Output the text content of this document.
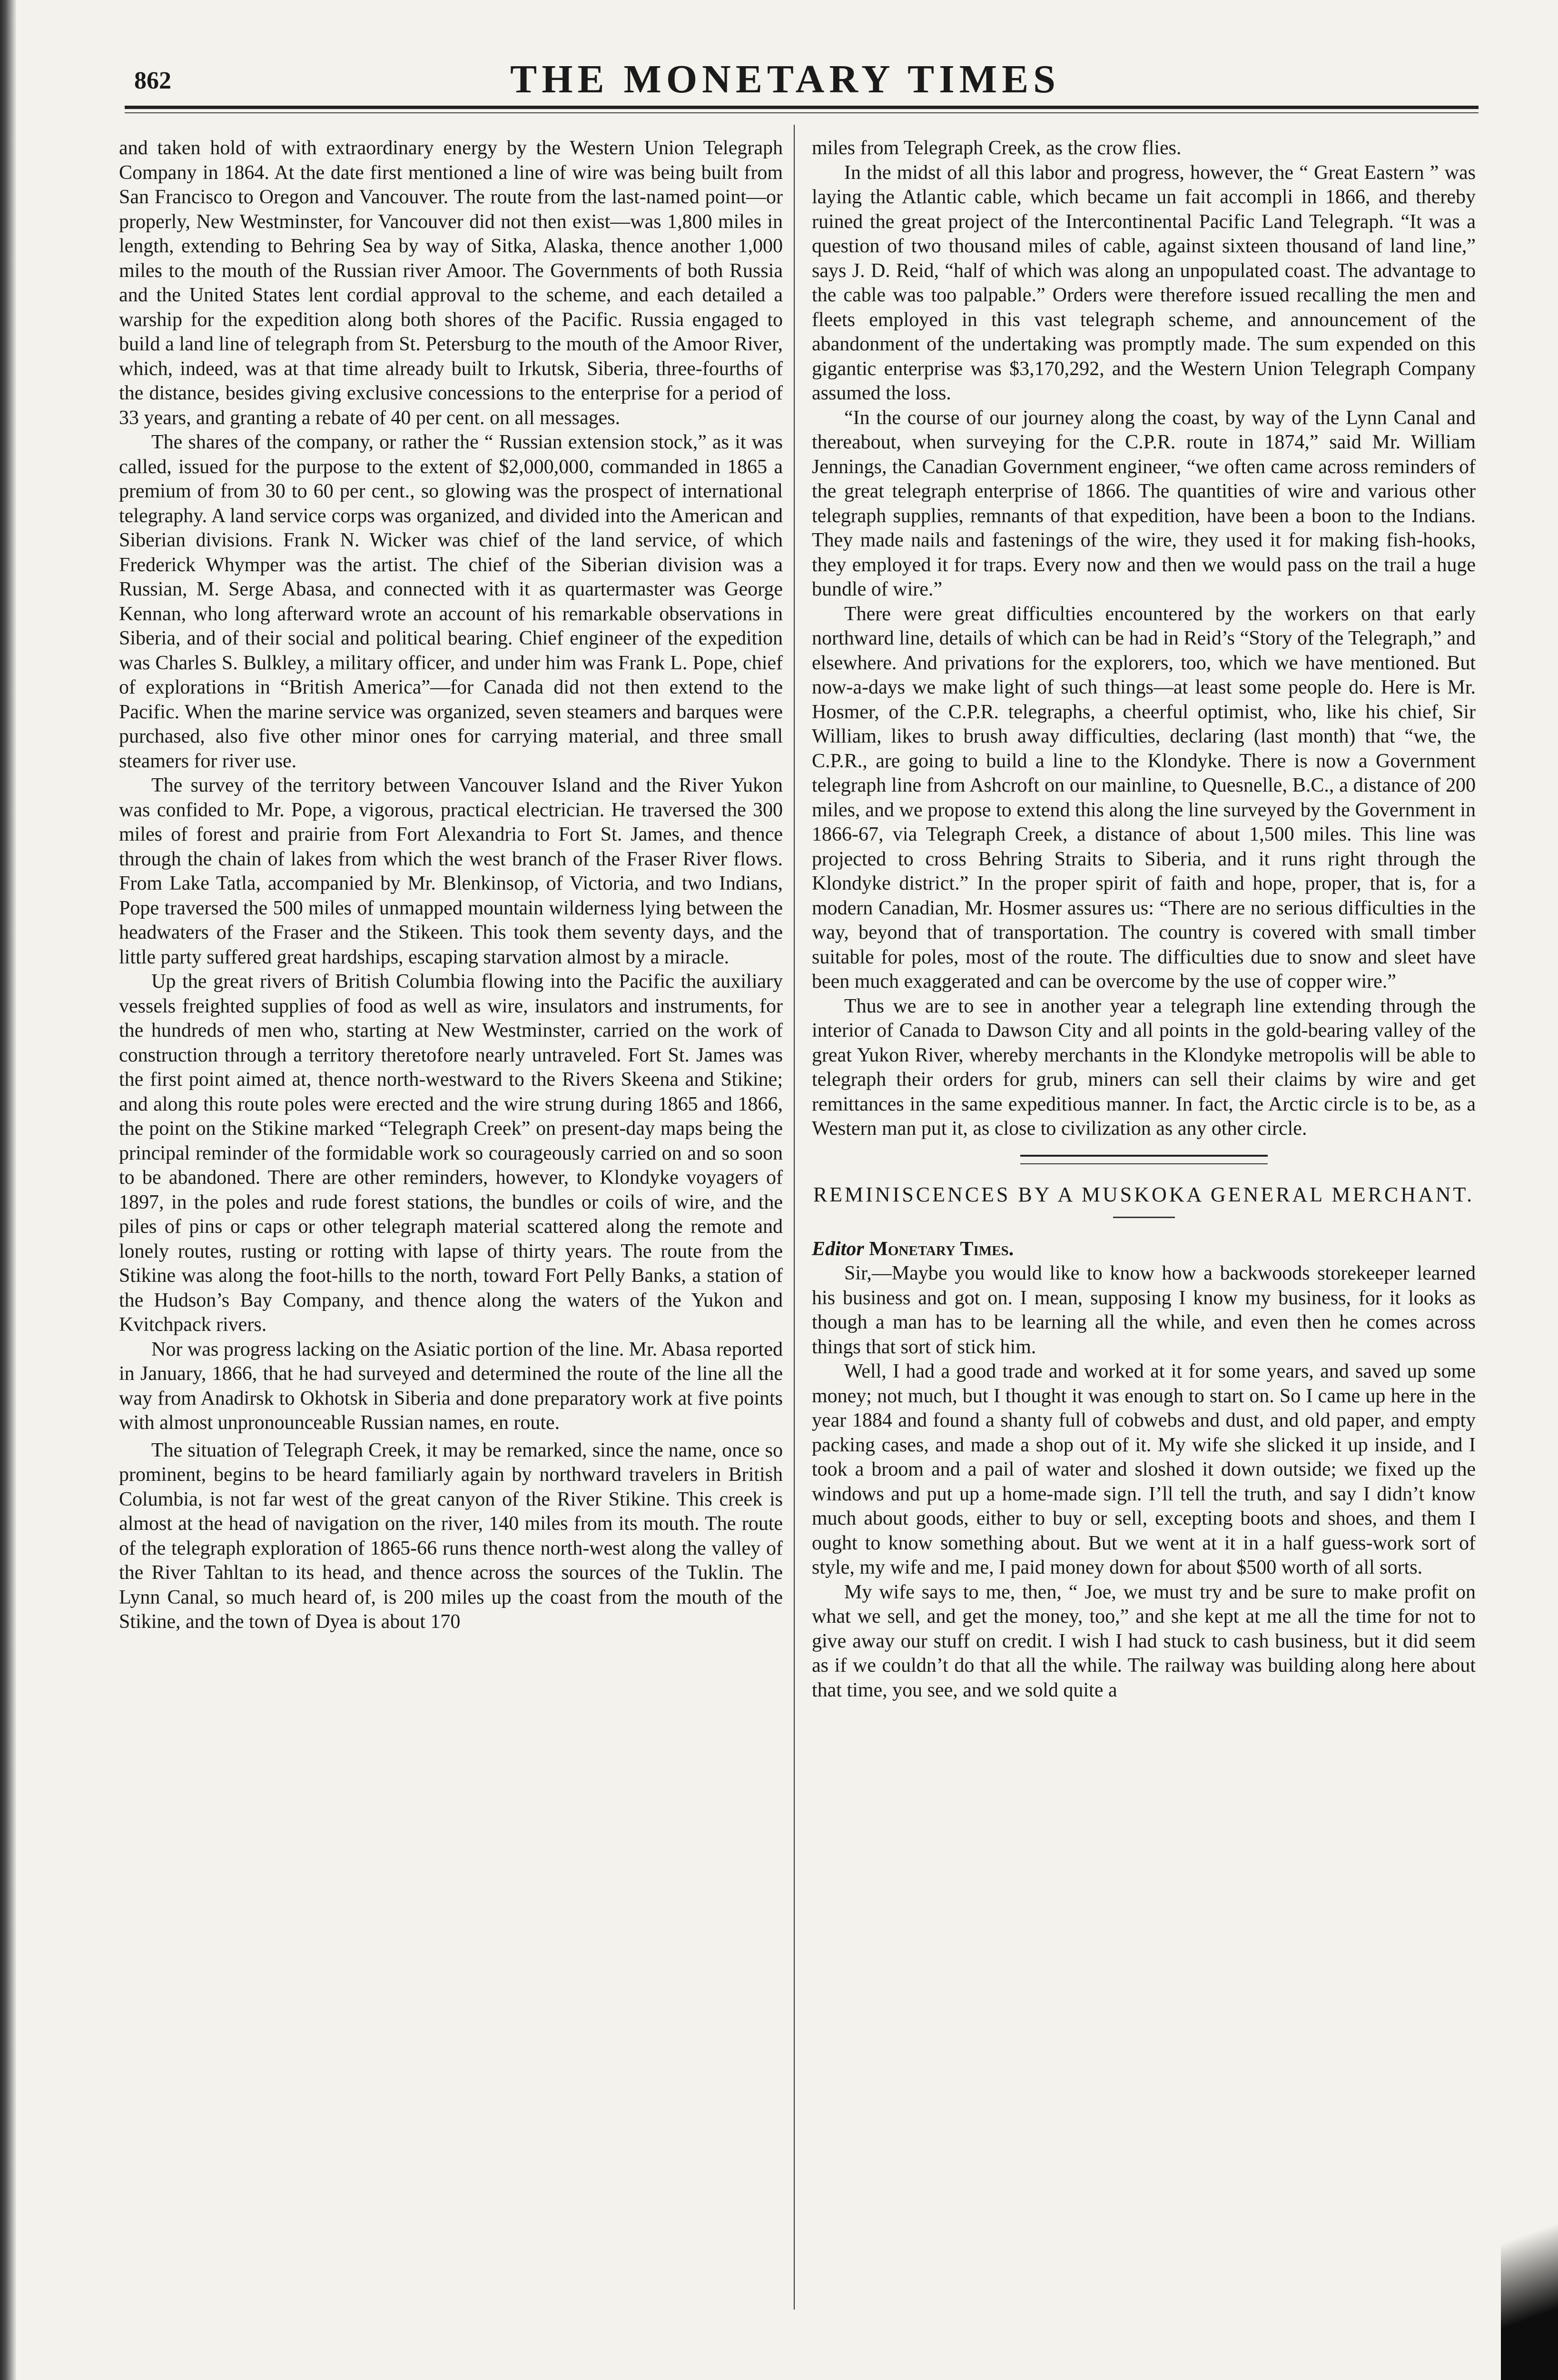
862	THE MONETARY TIMES

and taken hold of with extraordinary energy by the Western Union Telegraph Company in 1864. At the date first mentioned a line of wire was being built from San Francisco to Oregon and Vancouver. The route from the last-named point—or properly, New Westminster, for Vancouver did not then exist—was 1,800 miles in length, extending to Behring Sea by way of Sitka, Alaska, thence another 1,000 miles to the mouth of the Russian river Amoor. The Governments of both Russia and the United States lent cordial approval to the scheme, and each detailed a warship for the expedition along both shores of the Pacific. Russia engaged to build a land line of telegraph from St. Petersburg to the mouth of the Amoor River, which, indeed, was at that time already built to Irkutsk, Siberia, three-fourths of the distance, besides giving exclusive concessions to the enterprise for a period of 33 years, and granting a rebate of 40 per cent. on all messages.

The shares of the company, or rather the “ Russian extension stock,” as it was called, issued for the purpose to the extent of $2,000,000, commanded in 1865 a premium of from 30 to 60 per cent., so glowing was the prospect of international telegraphy. A land service corps was organized, and divided into the American and Siberian divisions. Frank N. Wicker was chief of the land service, of which Frederick Whymper was the artist. The chief of the Siberian division was a Russian, M. Serge Abasa, and connected with it as quartermaster was George Kennan, who long afterward wrote an account of his remarkable observations in Siberia, and of their social and political bearing. Chief engineer of the expedition was Charles S. Bulkley, a military officer, and under him was Frank L. Pope, chief of explorations in “British America”—for Canada did not then extend to the Pacific. When the marine service was organized, seven steamers and barques were purchased, also five other minor ones for carrying material, and three small steamers for river use.

The survey of the territory between Vancouver Island and the River Yukon was confided to Mr. Pope, a vigorous, practical electrician. He traversed the 300 miles of forest and prairie from Fort Alexandria to Fort St. James, and thence through the chain of lakes from which the west branch of the Fraser River flows. From Lake Tatla, accompanied by Mr. Blenkinsop, of Victoria, and two Indians, Pope traversed the 500 miles of unmapped mountain wilderness lying between the headwaters of the Fraser and the Stikeen. This took them seventy days, and the little party suffered great hardships, escaping starvation almost by a miracle.

Up the great rivers of British Columbia flowing into the Pacific the auxiliary vessels freighted supplies of food as well as wire, insulators and instruments, for the hundreds of men who, starting at New Westminster, carried on the work of construction through a territory theretofore nearly untraveled. Fort St. James was the first point aimed at, thence north-westward to the Rivers Skeena and Stikine; and along this route poles were erected and the wire strung during 1865 and 1866, the point on the Stikine marked “Telegraph Creek” on present-day maps being the principal reminder of the formidable work so courageously carried on and so soon to be abandoned. There are other reminders, however, to Klondyke voyagers of 1897, in the poles and rude forest stations, the bundles or coils of wire, and the piles of pins or caps or other telegraph material scattered along the remote and lonely routes, rusting or rotting with lapse of thirty years. The route from the Stikine was along the foot-hills to the north, toward Fort Pelly Banks, a station of the Hudson’s Bay Company, and thence along the waters of the Yukon and Kvitchpack rivers.

Nor was progress lacking on the Asiatic portion of the line. Mr. Abasa reported in January, 1866, that he had surveyed and determined the route of the line all the way from Anadirsk to Okhotsk in Siberia and done preparatory work at five points with almost unpronounceable Russian names, en route.

The situation of Telegraph Creek, it may be remarked, since the name, once so prominent, begins to be heard familiarly again by northward travelers in British Columbia, is not far west of the great canyon of the River Stikine. This creek is almost at the head of navigation on the river, 140 miles from its mouth. The route of the telegraph exploration of 1865-66 runs thence north-west along the valley of the River Tahltan to its head, and thence across the sources of the Tuklin. The Lynn Canal, so much heard of, is 200 miles up the coast from the mouth of the Stikine, and the town of Dyea is about 170

miles from Telegraph Creek, as the crow flies.

In the midst of all this labor and progress, however, the “ Great Eastern ” was laying the Atlantic cable, which became un fait accompli in 1866, and thereby ruined the great project of the Intercontinental Pacific Land Telegraph. “It was a question of two thousand miles of cable, against sixteen thousand of land line,” says J. D. Reid, “half of which was along an unpopulated coast. The advantage to the cable was too palpable.” Orders were therefore issued recalling the men and fleets employed in this vast telegraph scheme, and announcement of the abandonment of the undertaking was promptly made. The sum expended on this gigantic enterprise was $3,170,292, and the Western Union Telegraph Company assumed the loss.

“In the course of our journey along the coast, by way of the Lynn Canal and thereabout, when surveying for the C.P.R. route in 1874,” said Mr. William Jennings, the Canadian Government engineer, “we often came across reminders of the great telegraph enterprise of 1866. The quantities of wire and various other telegraph supplies, remnants of that expedition, have been a boon to the Indians. They made nails and fastenings of the wire, they used it for making fish-hooks, they employed it for traps. Every now and then we would pass on the trail a huge bundle of wire.”

There were great difficulties encountered by the workers on that early northward line, details of which can be had in Reid’s “Story of the Telegraph,” and elsewhere. And privations for the explorers, too, which we have mentioned. But now-a-days we make light of such things—at least some people do. Here is Mr. Hosmer, of the C.P.R. telegraphs, a cheerful optimist, who, like his chief, Sir William, likes to brush away difficulties, declaring (last month) that “we, the C.P.R., are going to build a line to the Klondyke. There is now a Government telegraph line from Ashcroft on our mainline, to Quesnelle, B.C., a distance of 200 miles, and we propose to extend this along the line surveyed by the Government in 1866-67, via Telegraph Creek, a distance of about 1,500 miles. This line was projected to cross Behring Straits to Siberia, and it runs right through the Klondyke district.” In the proper spirit of faith and hope, proper, that is, for a modern Canadian, Mr. Hosmer assures us: “There are no serious difficulties in the way, beyond that of transportation. The country is covered with small timber suitable for poles, most of the route. The difficulties due to snow and sleet have been much exaggerated and can be overcome by the use of copper wire.”

Thus we are to see in another year a telegraph line extending through the interior of Canada to Dawson City and all points in the gold-bearing valley of the great Yukon River, whereby merchants in the Klondyke metropolis will be able to telegraph their orders for grub, miners can sell their claims by wire and get remittances in the same expeditious manner. In fact, the Arctic circle is to be, as a Western man put it, as close to civilization as any other circle.

REMINISCENCES BY A MUSKOKA GENERAL MERCHANT.

Editor Monetary Times.

Sir,—Maybe you would like to know how a backwoods storekeeper learned his business and got on. I mean, supposing I know my business, for it looks as though a man has to be learning all the while, and even then he comes across things that sort of stick him.

Well, I had a good trade and worked at it for some years, and saved up some money; not much, but I thought it was enough to start on. So I came up here in the year 1884 and found a shanty full of cobwebs and dust, and old paper, and empty packing cases, and made a shop out of it. My wife she slicked it up inside, and I took a broom and a pail of water and sloshed it down outside; we fixed up the windows and put up a home-made sign. I’ll tell the truth, and say I didn’t know much about goods, either to buy or sell, excepting boots and shoes, and them I ought to know something about. But we went at it in a half guess-work sort of style, my wife and me, I paid money down for about $500 worth of all sorts.

My wife says to me, then, “ Joe, we must try and be sure to make profit on what we sell, and get the money, too,” and she kept at me all the time for not to give away our stuff on credit. I wish I had stuck to cash business, but it did seem as if we couldn’t do that all the while. The railway was building along here about that time, you see, and we sold quite a
